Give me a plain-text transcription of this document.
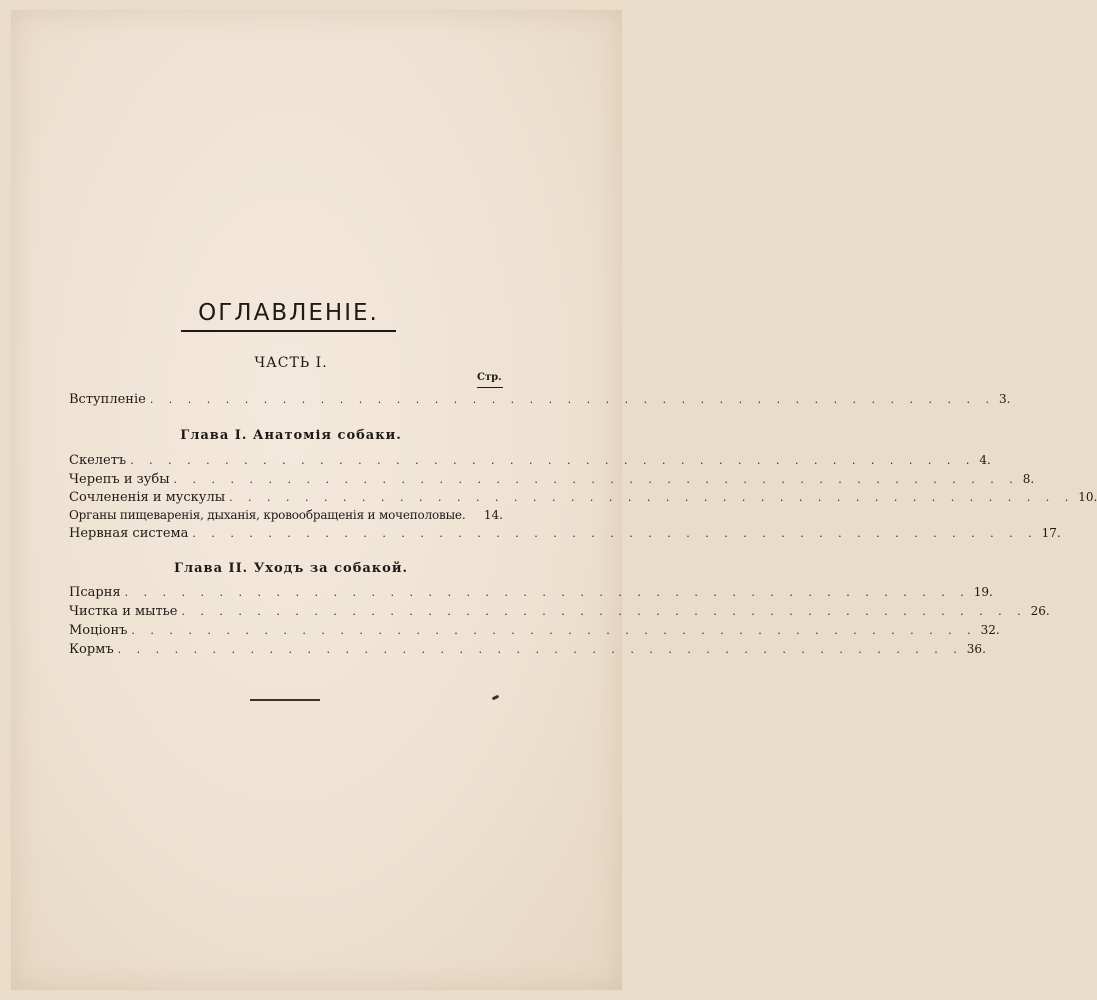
ОГЛАВЛЕНІЕ.
ЧАСТЬ I.
Стр.
Вступленіе . . . . . . . . . . . . . . . . . . . . . . . . . . . . . . . . . . . . . . . . . . . . . 3.
Глава I. Анатомія собаки.
Скелетъ . . . . . . . . . . . . . . . . . . . . . . . . . . . . . . . . . . . . . . . . . . . . . 4.
Черепъ и зубы . . . . . . . . . . . . . . . . . . . . . . . . . . . . . . . . . . . . . . . . . . . . . 8.
Сочлененія и мускулы . . . . . . . . . . . . . . . . . . . . . . . . . . . . . . . . . . . . . . . . . . . . . 10.
Органы пищеваренія, дыханія, кровообращенія и мочеполовые. 14.
Нервная система . . . . . . . . . . . . . . . . . . . . . . . . . . . . . . . . . . . . . . . . . . . . . 17.
Глава II. Уходъ за собакой.
Псарня . . . . . . . . . . . . . . . . . . . . . . . . . . . . . . . . . . . . . . . . . . . . . 19.
Чистка и мытье . . . . . . . . . . . . . . . . . . . . . . . . . . . . . . . . . . . . . . . . . . . . . 26.
Моціонъ . . . . . . . . . . . . . . . . . . . . . . . . . . . . . . . . . . . . . . . . . . . . . 32.
Кормъ . . . . . . . . . . . . . . . . . . . . . . . . . . . . . . . . . . . . . . . . . . . . . 36.
